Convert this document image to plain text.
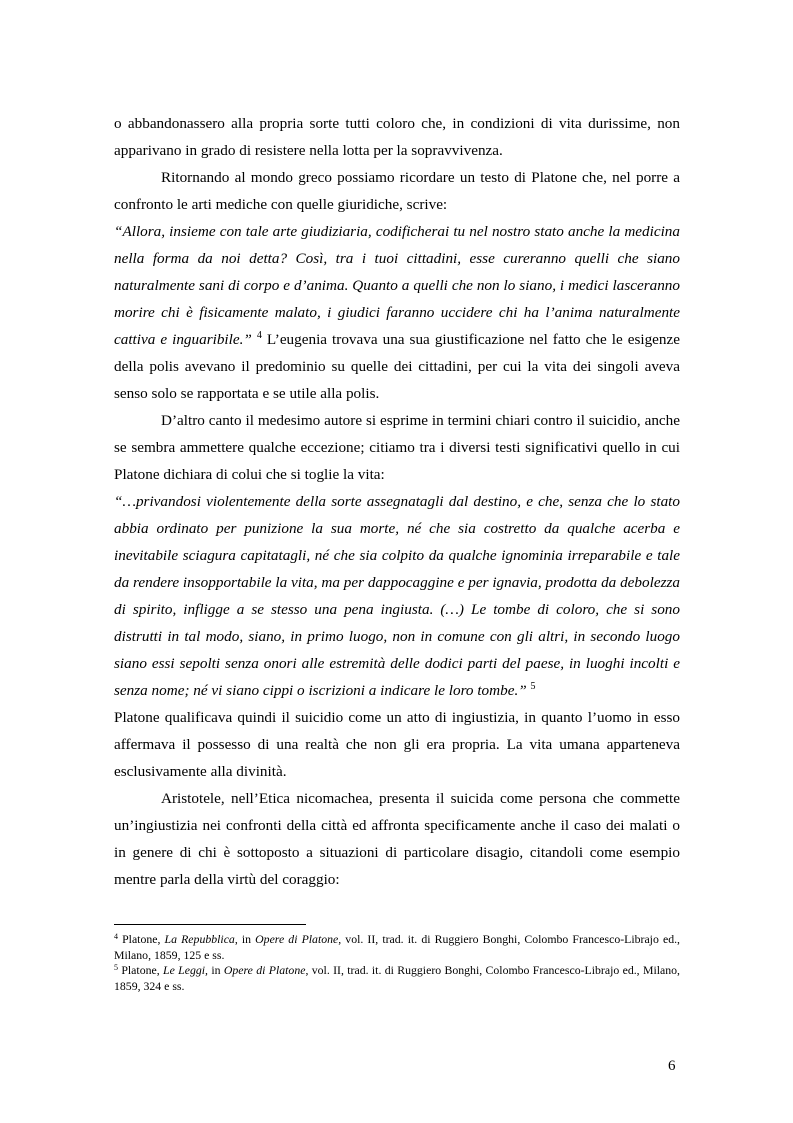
o abbandonassero alla propria sorte tutti coloro che, in condizioni di vita durissime, non apparivano in grado di resistere nella lotta per la sopravvivenza.

Ritornando al mondo greco possiamo ricordare un testo di Platone che, nel porre a confronto le arti mediche con quelle giuridiche, scrive:

“Allora, insieme con tale arte giudiziaria, codificherai tu nel nostro stato anche la medicina nella forma da noi detta? Così, tra i tuoi cittadini, esse cureranno quelli che siano naturalmente sani di corpo e d’anima. Quanto a quelli che non lo siano, i medici lasceranno morire chi è fisicamente malato, i giudici faranno uccidere chi ha l’anima naturalmente cattiva e inguaribile.” $^4$ L’eugenia trovava una sua giustificazione nel fatto che le esigenze della polis avevano il predominio su quelle dei cittadini, per cui la vita dei singoli aveva senso solo se rapportata e se utile alla polis.

D’altro canto il medesimo autore si esprime in termini chiari contro il suicidio, anche se sembra ammettere qualche eccezione; citiamo tra i diversi testi significativi quello in cui Platone dichiara di colui che si toglie la vita:

“…privandosi violentemente della sorte assegnatagli dal destino, e che, senza che lo stato abbia ordinato per punizione la sua morte, né che sia costretto da qualche acerba e inevitabile sciagura capitatagli, né che sia colpito da qualche ignominia irreparabile e tale da rendere insopportabile la vita, ma per dappocaggine e per ignavia, prodotta da debolezza di spirito, infligge a se stesso una pena ingiusta. (…) Le tombe di coloro, che si sono distrutti in tal modo, siano, in primo luogo, non in comune con gli altri, in secondo luogo siano essi sepolti senza onori alle estremità delle dodici parti del paese, in luoghi incolti e senza nome; né vi siano cippi o iscrizioni a indicare le loro tombe.” $^5$

Platone qualificava quindi il suicidio come un atto di ingiustizia, in quanto l’uomo in esso affermava il possesso di una realtà che non gli era propria. La vita umana apparteneva esclusivamente alla divinità.

Aristotele, nell’Etica nicomachea, presenta il suicida come persona che commette un’ingiustizia nei confronti della città ed affronta specificamente anche il caso dei malati o in genere di chi è sottoposto a situazioni di particolare disagio, citandoli come esempio mentre parla della virtù del coraggio:

$^4$ Platone, La Repubblica, in Opere di Platone, vol. II, trad. it. di Ruggiero Bonghi, Colombo Francesco-Librajo ed., Milano, 1859, 125 e ss.

$^5$ Platone, Le Leggi, in Opere di Platone, vol. II, trad. it. di Ruggiero Bonghi, Colombo Francesco-Librajo ed., Milano, 1859, 324 e ss.

6
